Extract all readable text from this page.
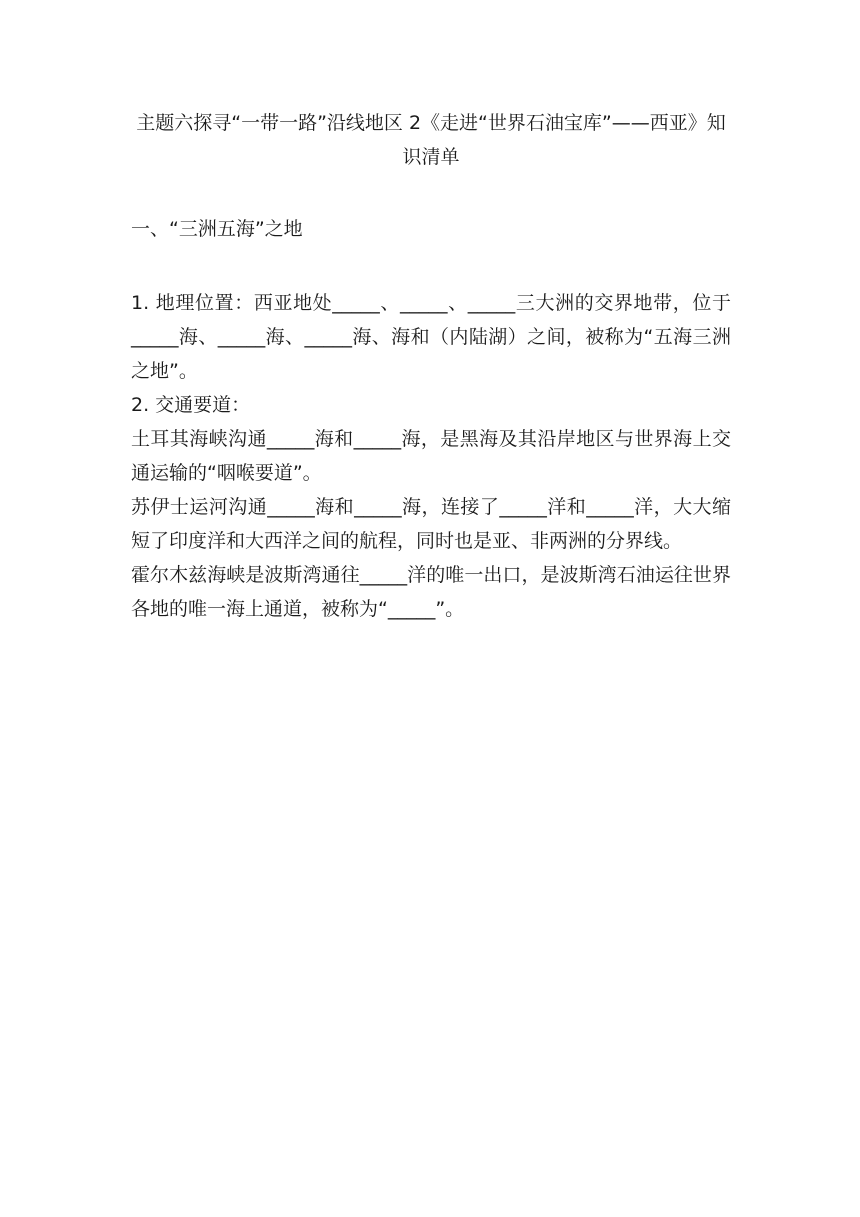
主题六探寻“一带一路”沿线地区 2《走进“世界石油宝库”——西亚》知识清单
一、“三洲五海”之地

1. 地理位置：西亚地处_____、_____、_____三大洲的交界地带，位于_____海、_____海、_____海、海和（内陆湖）之间，被称为“五海三洲之地”。

2. 交通要道：

土耳其海峡沟通_____海和_____海，是黑海及其沿岸地区与世界海上交通运输的“咽喉要道”。

苏伊士运河沟通_____海和_____海，连接了_____洋和_____洋，大大缩短了印度洋和大西洋之间的航程，同时也是亚、非两洲的分界线。

霍尔木兹海峡是波斯湾通往_____洋的唯一出口，是波斯湾石油运往世界各地的唯一海上通道，被称为“_____”。
